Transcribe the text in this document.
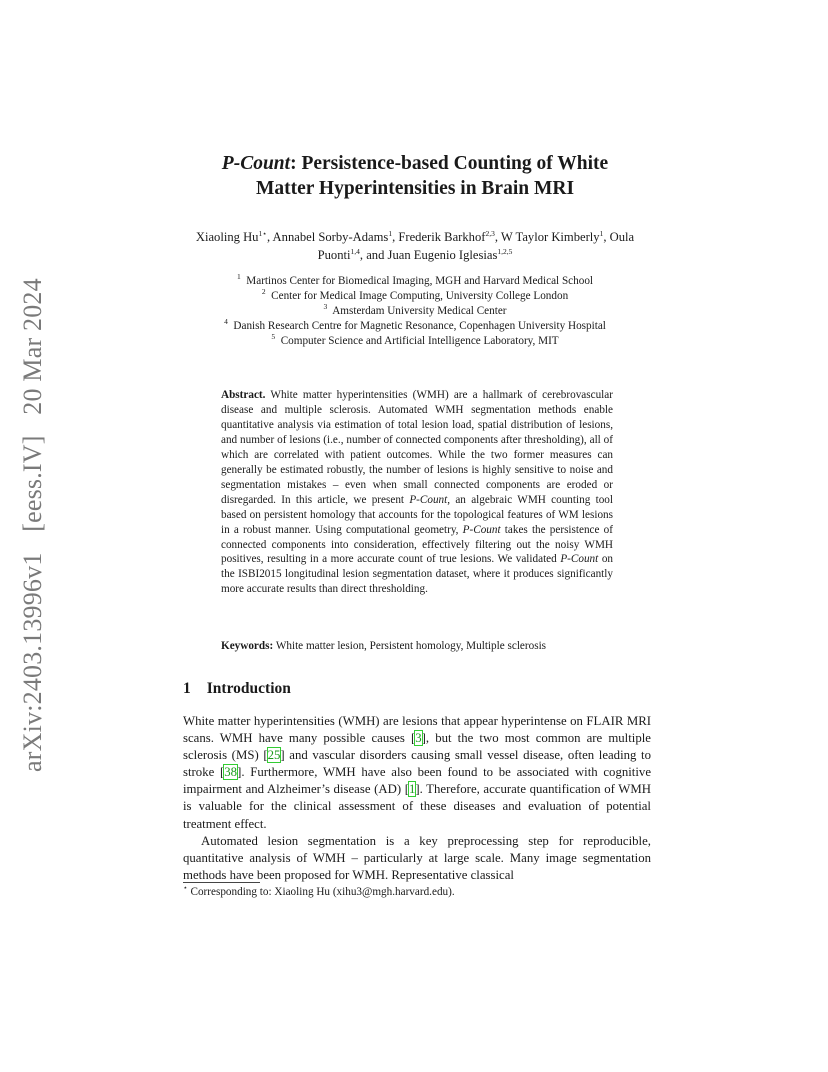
arXiv:2403.13996v1 [eess.IV] 20 Mar 2024
P-Count: Persistence-based Counting of White
Matter Hyperintensities in Brain MRI
Xiaoling $Hu^{1⋆}$, Annabel Sorby-Adams$^1$, Frederik Barkhof$^{2,3}$, W Taylor Kimberly$^1$, Oula Puonti$^{1,4}$, and Juan Eugenio Iglesias$^{1,2,5}$
$^1$ Martinos Center for Biomedical Imaging, MGH and Harvard Medical School
$^2$ Center for Medical Image Computing, University College London
$^3$ Amsterdam University Medical Center
$^4$ Danish Research Centre for Magnetic Resonance, Copenhagen University Hospital
$^5$ Computer Science and Artificial Intelligence Laboratory, MIT
Abstract. White matter hyperintensities (WMH) are a hallmark of cerebrovascular disease and multiple sclerosis. Automated WMH segmentation methods enable quantitative analysis via estimation of total lesion load, spatial distribution of lesions, and number of lesions (i.e., number of connected components after thresholding), all of which are correlated with patient outcomes. While the two former measures can generally be estimated robustly, the number of lesions is highly sensitive to noise and segmentation mistakes – even when small connected components are eroded or disregarded. In this article, we present P-Count, an algebraic WMH counting tool based on persistent homology that accounts for the topological features of WM lesions in a robust manner. Using computational geometry, P-Count takes the persistence of connected components into consideration, effectively filtering out the noisy WMH positives, resulting in a more accurate count of true lesions. We validated P-Count on the ISBI2015 longitudinal lesion segmentation dataset, where it produces significantly more accurate results than direct thresholding.
Keywords: White matter lesion, Persistent homology, Multiple sclerosis
1 Introduction

White matter hyperintensities (WMH) are lesions that appear hyperintense on FLAIR MRI scans. WMH have many possible causes [ 3 ] , but the two most common are multiple sclerosis (MS) [ 25 ] and vascular disorders causing small vessel disease, often leading to stroke [ 38 ] . Furthermore, WMH have also been found to be associated with cognitive impairment and Alzheimer’s disease (AD) [ 1 ] . Therefore, accurate quantification of WMH is valuable for the clinical assessment of these diseases and evaluation of potential treatment effect.

Automated lesion segmentation is a key preprocessing step for reproducible, quantitative analysis of WMH – particularly at large scale. Many image segmentation methods have been proposed for WMH. Representative classical

⋆ Corresponding to: Xiaoling Hu (xihu3@mgh.harvard.edu).
